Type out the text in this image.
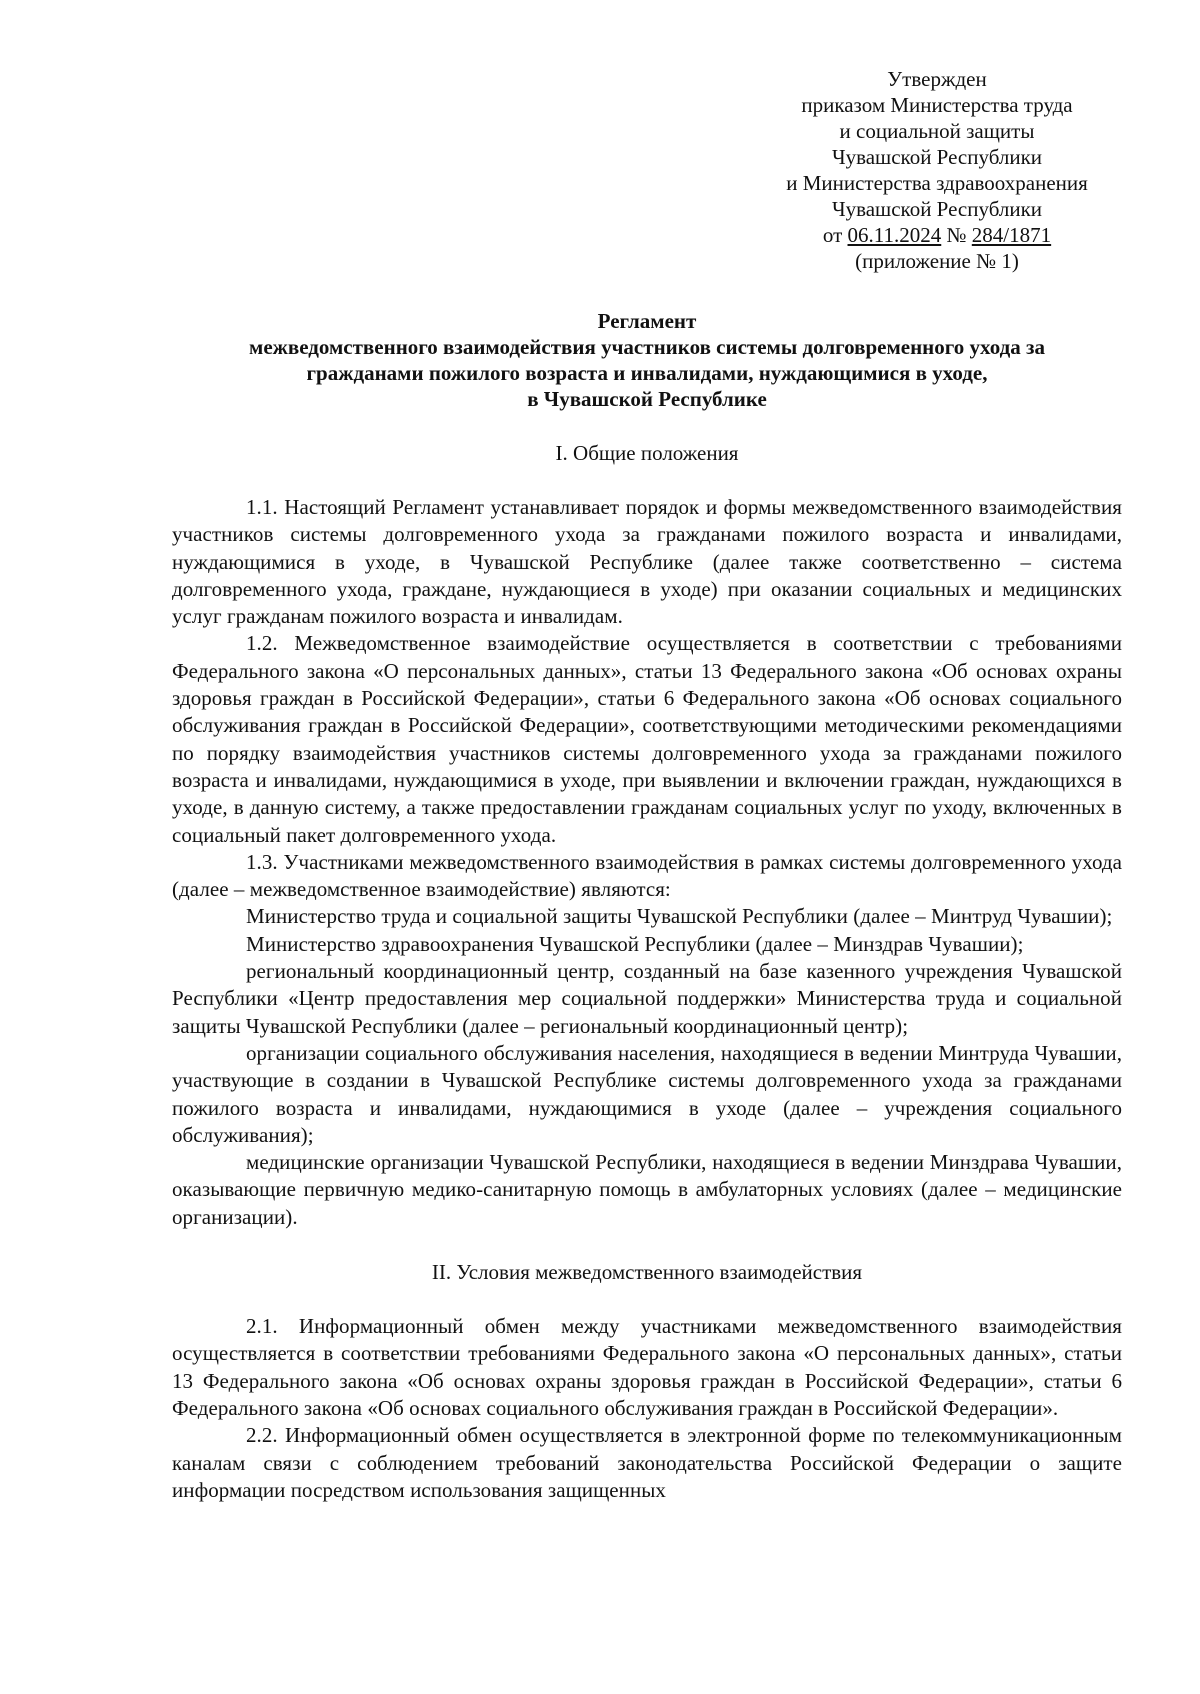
Утвержден
приказом Министерства труда
и социальной защиты
Чувашской Республики
и Министерства здравоохранения
Чувашской Республики
от 06.11.2024 № 284/1871
(приложение № 1)
Регламент
межведомственного взаимодействия участников системы долговременного ухода за
гражданами пожилого возраста и инвалидами, нуждающимися в уходе,
в Чувашской Республике
I. Общие положения

1.1. Настоящий Регламент устанавливает порядок и формы межведомственного взаимодействия участников системы долговременного ухода за гражданами пожилого возраста и инвалидами, нуждающимися в уходе, в Чувашской Республике (далее также соответственно – система долговременного ухода, граждане, нуждающиеся в уходе) при оказании социальных и медицинских услуг гражданам пожилого возраста и инвалидам.

1.2. Межведомственное взаимодействие осуществляется в соответствии с требованиями Федерального закона «О персональных данных», статьи 13 Федерального закона «Об основах охраны здоровья граждан в Российской Федерации», статьи 6 Федерального закона «Об основах социального обслуживания граждан в Российской Федерации», соответствующими методическими рекомендациями по порядку взаимодействия участников системы долговременного ухода за гражданами пожилого возраста и инвалидами, нуждающимися в уходе, при выявлении и включении граждан, нуждающихся в уходе, в данную систему, а также предоставлении гражданам социальных услуг по уходу, включенных в социальный пакет долговременного ухода.

1.3. Участниками межведомственного взаимодействия в рамках системы долговременного ухода (далее – межведомственное взаимодействие) являются:

Министерство труда и социальной защиты Чувашской Республики (далее – Минтруд Чувашии);

Министерство здравоохранения Чувашской Республики (далее – Минздрав Чувашии);

региональный координационный центр, созданный на базе казенного учреждения Чувашской Республики «Центр предоставления мер социальной поддержки» Министерства труда и социальной защиты Чувашской Республики (далее – региональный координационный центр);

организации социального обслуживания населения, находящиеся в ведении Минтруда Чувашии, участвующие в создании в Чувашской Республике системы долговременного ухода за гражданами пожилого возраста и инвалидами, нуждающимися в уходе (далее – учреждения социального обслуживания);

медицинские организации Чувашской Республики, находящиеся в ведении Минздрава Чувашии, оказывающие первичную медико-санитарную помощь в амбулаторных условиях (далее – медицинские организации).

II. Условия межведомственного взаимодействия

2.1. Информационный обмен между участниками межведомственного взаимодействия осуществляется в соответствии требованиями Федерального закона «О персональных данных», статьи 13 Федерального закона «Об основах охраны здоровья граждан в Российской Федерации», статьи 6 Федерального закона «Об основах социального обслуживания граждан в Российской Федерации».

2.2. Информационный обмен осуществляется в электронной форме по телекоммуникационным каналам связи с соблюдением требований законодательства Российской Федерации о защите информации посредством использования защищенных
